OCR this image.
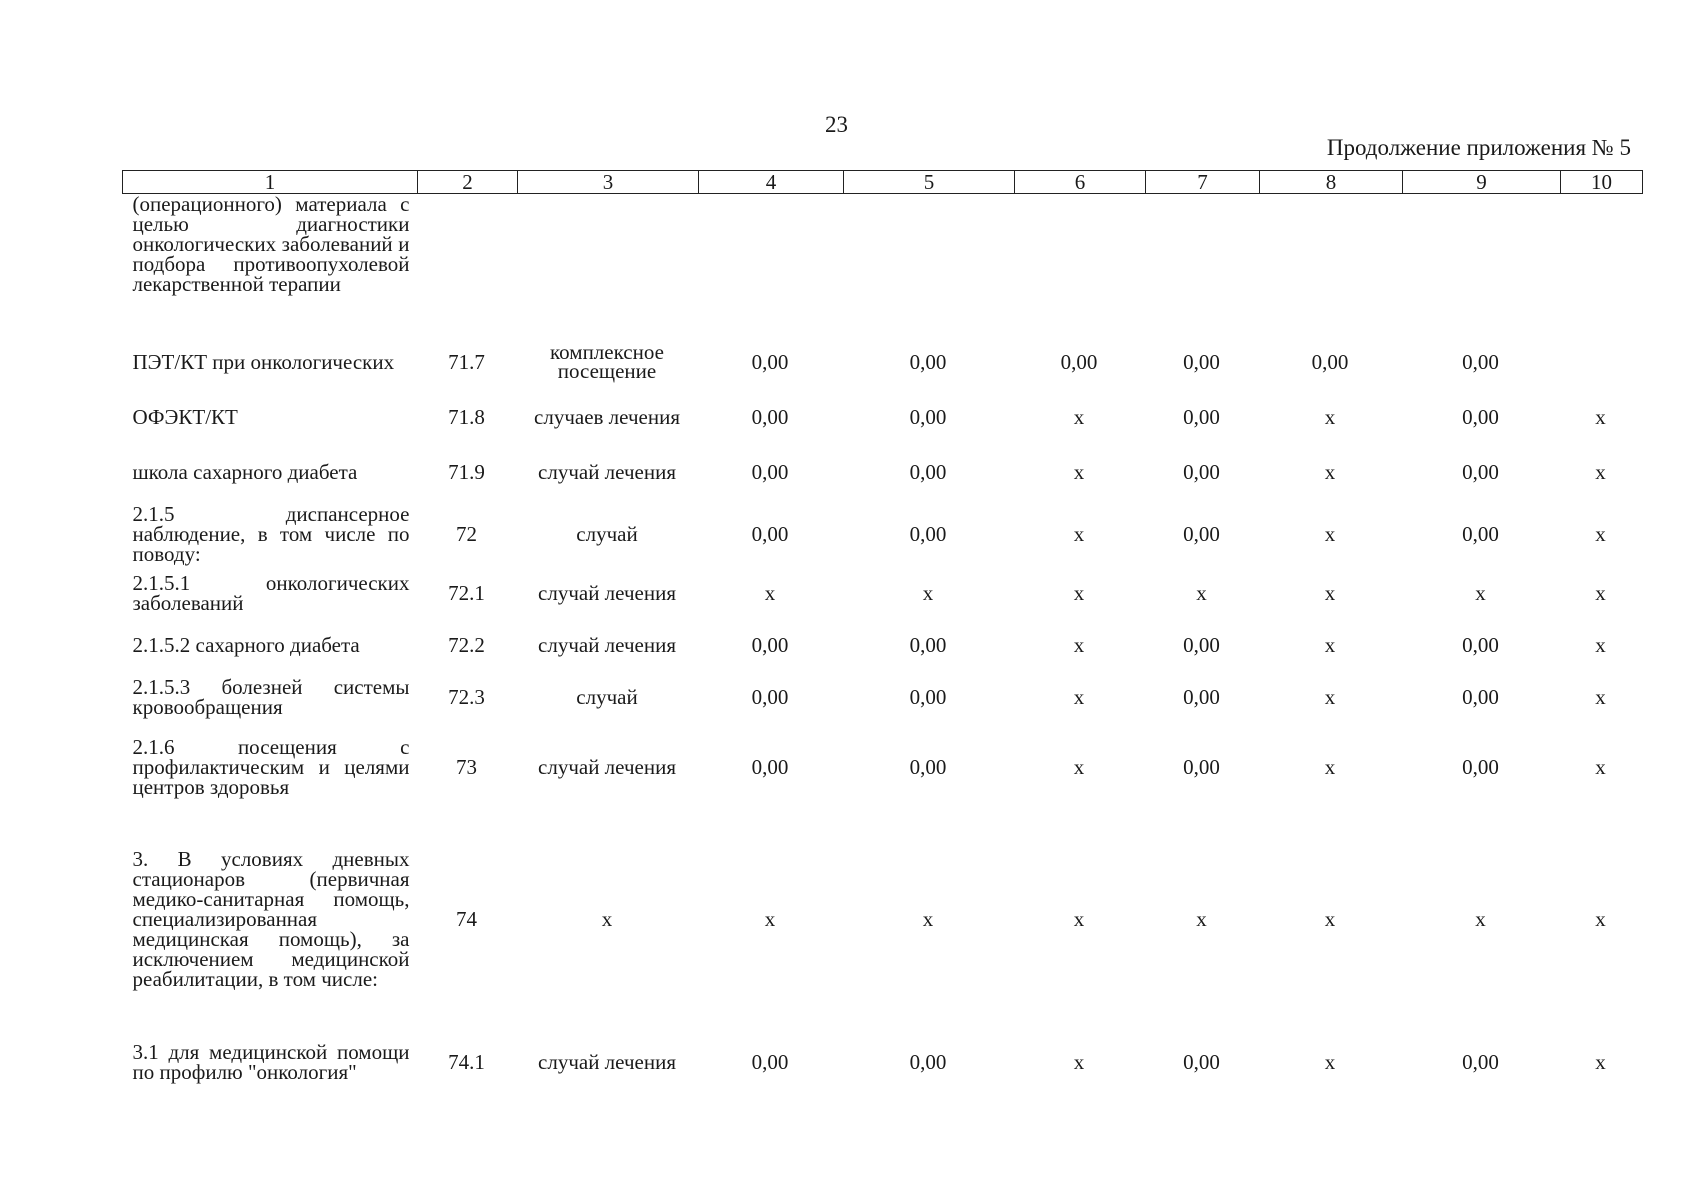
23
Продолжение приложения № 5
1	2	3	4	5	6	7	8	9	10
(операционного) материала с целью диагностики онкологических заболеваний и подбора противоопухолевой лекарственной терапии									
ПЭТ/КТ при онкологических	71.7	комплексное посещение	0,00	0,00	0,00	0,00	0,00	0,00	
ОФЭКТ/КТ	71.8	случаев лечения	0,00	0,00	x	0,00	x	0,00	x
школа сахарного диабета	71.9	случай лечения	0,00	0,00	x	0,00	x	0,00	x
2.1.5 диспансерное наблюдение, в том числе по поводу:	72	случай	0,00	0,00	x	0,00	x	0,00	x
2.1.5.1 онкологических заболеваний	72.1	случай лечения	x	x	x	x	x	x	x
2.1.5.2 сахарного диабета	72.2	случай лечения	0,00	0,00	x	0,00	x	0,00	x
2.1.5.3 болезней системы кровообращения	72.3	случай	0,00	0,00	x	0,00	x	0,00	x
2.1.6 посещения с профилактическим и целями центров здоровья	73	случай лечения	0,00	0,00	x	0,00	x	0,00	x
3. В условиях дневных стационаров (первичная медико-санитарная помощь, специализированная медицинская помощь), за исключением медицинской реабилитации, в том числе:	74	x	x	x	x	x	x	x	x
3.1 для медицинской помощи по профилю "онкология"	74.1	случай лечения	0,00	0,00	x	0,00	x	0,00	x
